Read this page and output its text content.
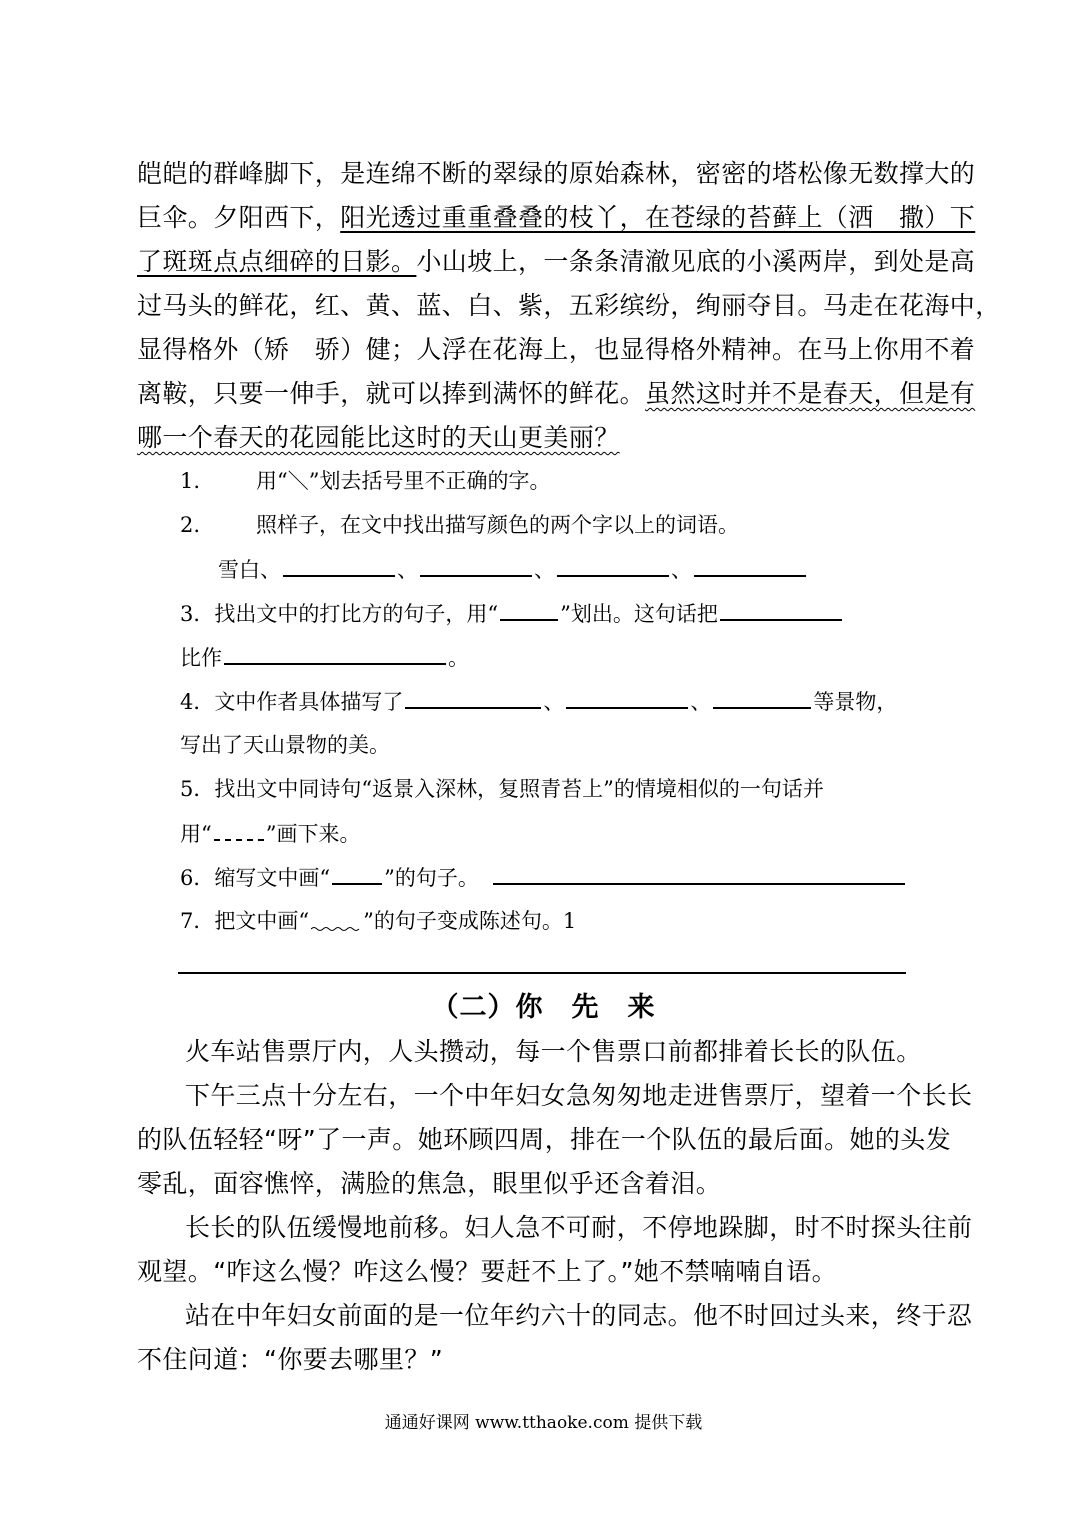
皑皑的群峰脚下，是连绵不断的翠绿的原始森林，密密的塔松像无数撑大的
巨伞。夕阳西下，阳光透过重重叠叠的枝丫，在苍绿的苔藓上（洒　撒）下
了斑斑点点细碎的日影。小山坡上，一条条清澈见底的小溪两岸，到处是高
过马头的鲜花，红、黄、蓝、白、紫，五彩缤纷，绚丽夺目。马走在花海中，
显得格外（矫　骄）健；人浮在花海上，也显得格外精神。在马上你用不着
离鞍，只要一伸手，就可以捧到满怀的鲜花。虽然这时并不是春天，但是有
哪一个春天的花园能比这时的天山更美丽？
1.	用“＼”划去括号里不正确的字。
2.	照样子，在文中找出描写颜色的两个字以上的词语。
雪白、	、	、	、
3．找出文中的打比方的句子，用“	”划出。这句话把
比作	。
4．文中作者具体描写了	、	、	等景物，
写出了天山景物的美。
5．找出文中同诗句“返景入深林，复照青苔上”的情境相似的一句话并
用“	”画下来。
6．缩写文中画“	”的句子。
7．把文中画“	”的句子变成陈述句。1
（二）你　先　来
火车站售票厅内，人头攒动，每一个售票口前都排着长长的队伍。
下午三点十分左右，一个中年妇女急匆匆地走进售票厅，望着一个长长
的队伍轻轻“呀”了一声。她环顾四周，排在一个队伍的最后面。她的头发
零乱，面容憔悴，满脸的焦急，眼里似乎还含着泪。
长长的队伍缓慢地前移。妇人急不可耐，不停地跺脚，时不时探头往前
观望。“咋这么慢？咋这么慢？要赶不上了。”她不禁喃喃自语。
站在中年妇女前面的是一位年约六十的同志。他不时回过头来，终于忍
不住问道：“你要去哪里？”
通通好课网 www.tthaoke.com 提供下载
